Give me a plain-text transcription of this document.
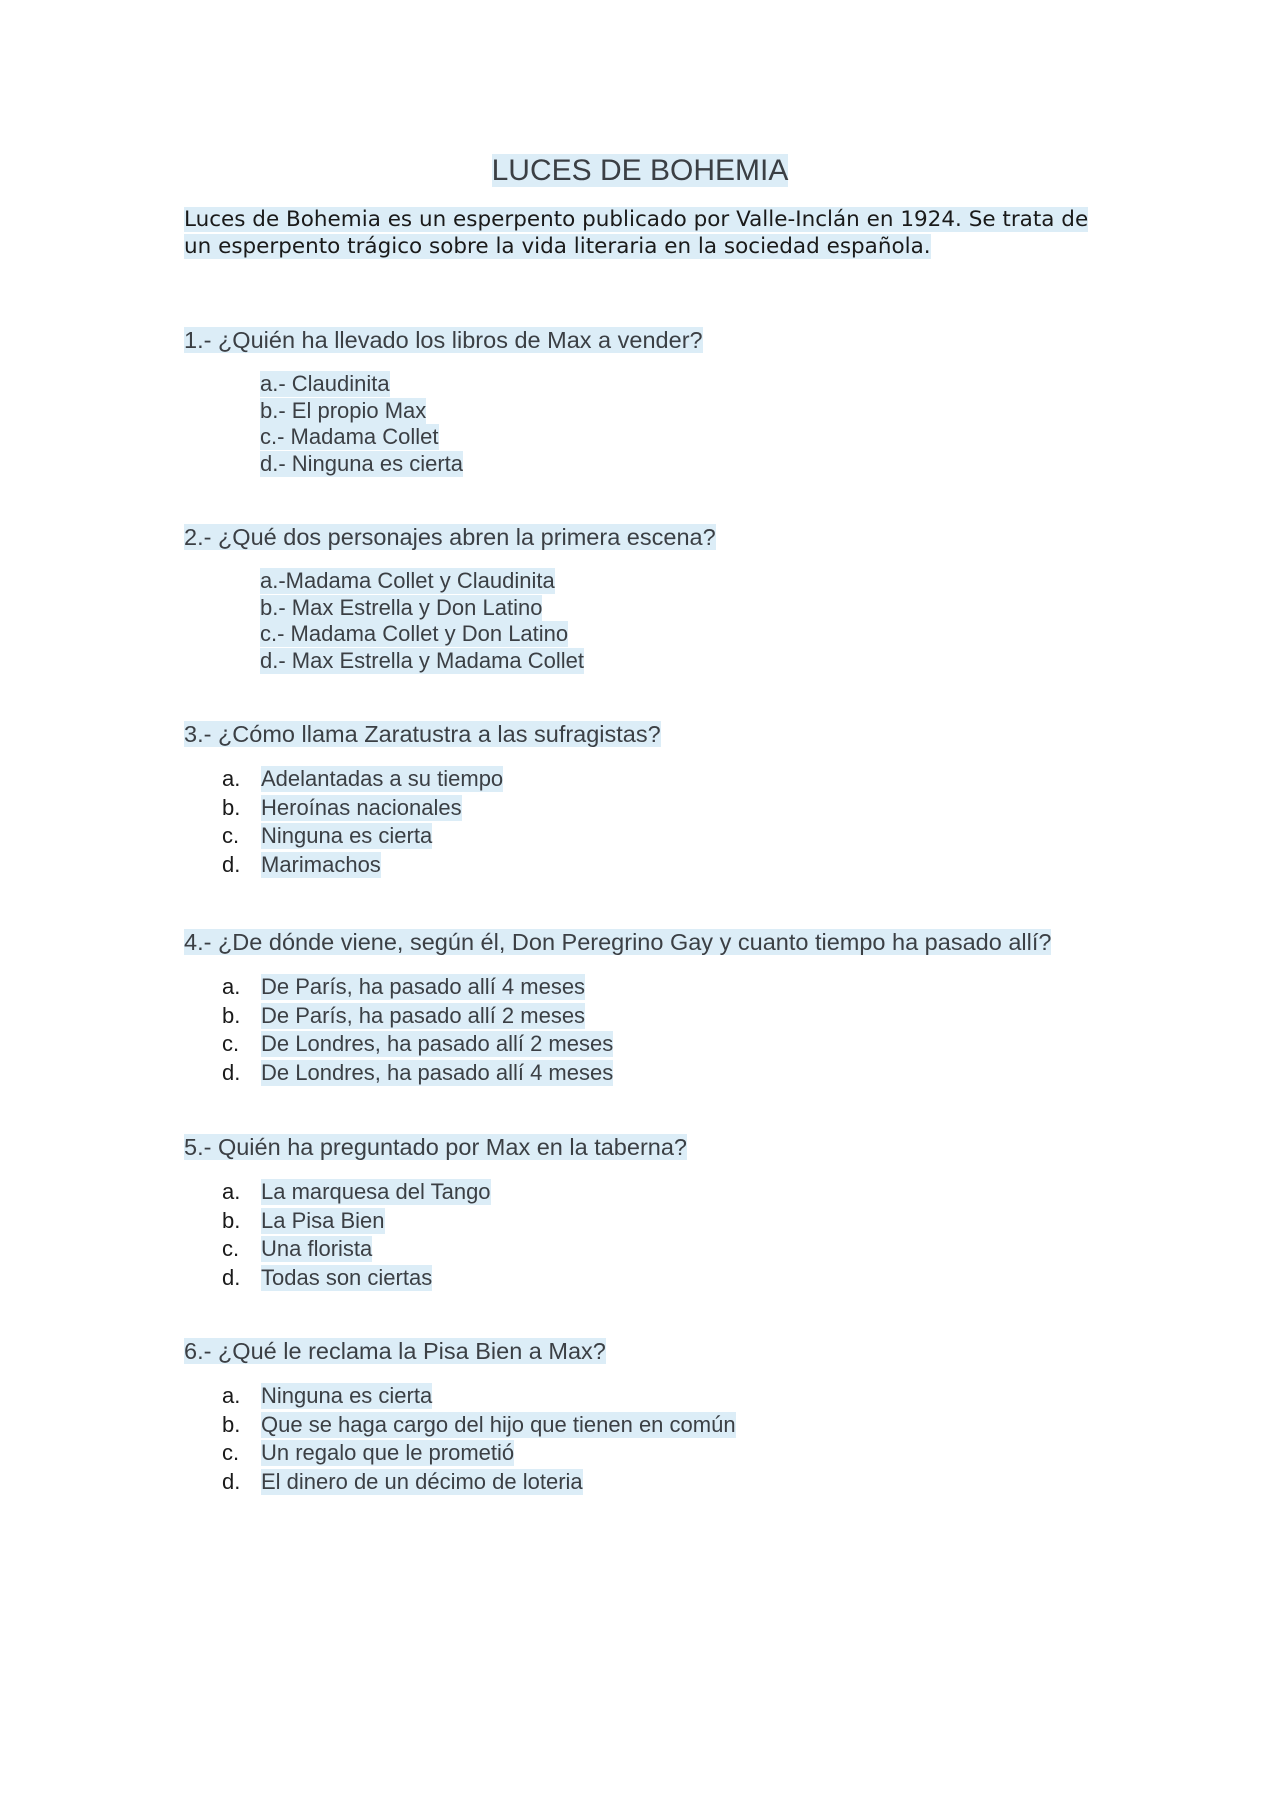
LUCES DE BOHEMIA
Luces de Bohemia es un esperpento publicado por Valle-Inclán en 1924. Se trata de un esperpento trágico sobre la vida literaria en la sociedad española.
1.- ¿Quién ha llevado los libros de Max a vender?
a.- Claudinita
b.- El propio Max
c.- Madama Collet
d.- Ninguna es cierta
2.- ¿Qué dos personajes abren la primera escena?
a.-Madama Collet y Claudinita
b.- Max Estrella y Don Latino
c.- Madama Collet y Don Latino
d.- Max Estrella y Madama Collet
3.- ¿Cómo llama Zaratustra a las sufragistas?
a. Adelantadas a su tiempo
b. Heroínas nacionales
c. Ninguna es cierta
d. Marimachos
4.- ¿De dónde viene, según él, Don Peregrino Gay y cuanto tiempo ha pasado allí?
a. De París, ha pasado allí 4 meses
b. De París, ha pasado allí 2 meses
c. De Londres, ha pasado allí 2 meses
d. De Londres, ha pasado allí 4 meses
5.- Quién ha preguntado por Max en la taberna?
a. La marquesa del Tango
b. La Pisa Bien
c. Una florista
d. Todas son ciertas
6.- ¿Qué le reclama la Pisa Bien a Max?
a. Ninguna es cierta
b. Que se haga cargo del hijo que tienen en común
c. Un regalo que le prometió
d. El dinero de un décimo de loteria
